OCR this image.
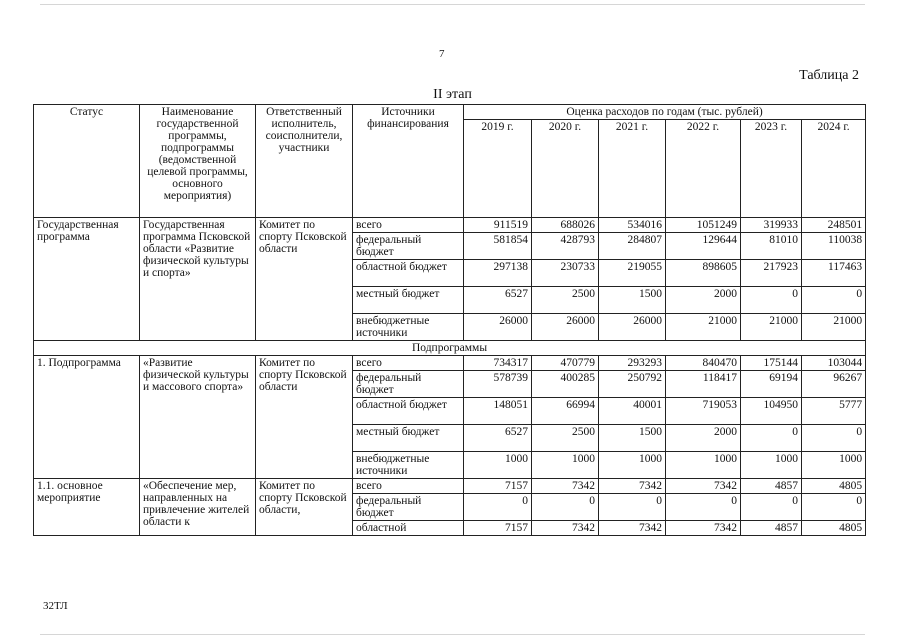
7
Таблица 2
II этап
Статус	Наименование государственной программы, подпрограммы (ведомственной целевой программы, основного мероприятия)	Ответственный исполнитель, соисполнители, участники	Источники финансирования	Оценка расходов по годам (тыс. рублей)					
				2019 г.	2020 г.	2021 г.	2022 г.	2023 г.	2024 г.
Государственная программа	Государственная программа Псковской области «Развитие физической культуры и спорта»	Комитет по спорту Псковской области	всего	911519	688026	534016	1051249	319933	248501
			федеральный бюджет	581854	428793	284807	129644	81010	110038
			областной бюджет	297138	230733	219055	898605	217923	117463
			местный бюджет	6527	2500	1500	2000	0	0
			внебюджетные источники	26000	26000	26000	21000	21000	21000
Подпрограммы									
1. Подпрограмма	«Развитие физической культуры и массового спорта»	Комитет по спорту Псковской области	всего	734317	470779	293293	840470	175144	103044
			федеральный бюджет	578739	400285	250792	118417	69194	96267
			областной бюджет	148051	66994	40001	719053	104950	5777
			местный бюджет	6527	2500	1500	2000	0	0
			внебюджетные источники	1000	1000	1000	1000	1000	1000
1.1. основное мероприятие	«Обеспечение мер, направленных на привлечение жителей области к	Комитет по спорту Псковской области,	всего	7157	7342	7342	7342	4857	4805
			федеральный бюджет	0	0	0	0	0	0
			областной	7157	7342	7342	7342	4857	4805
32ТЛ
